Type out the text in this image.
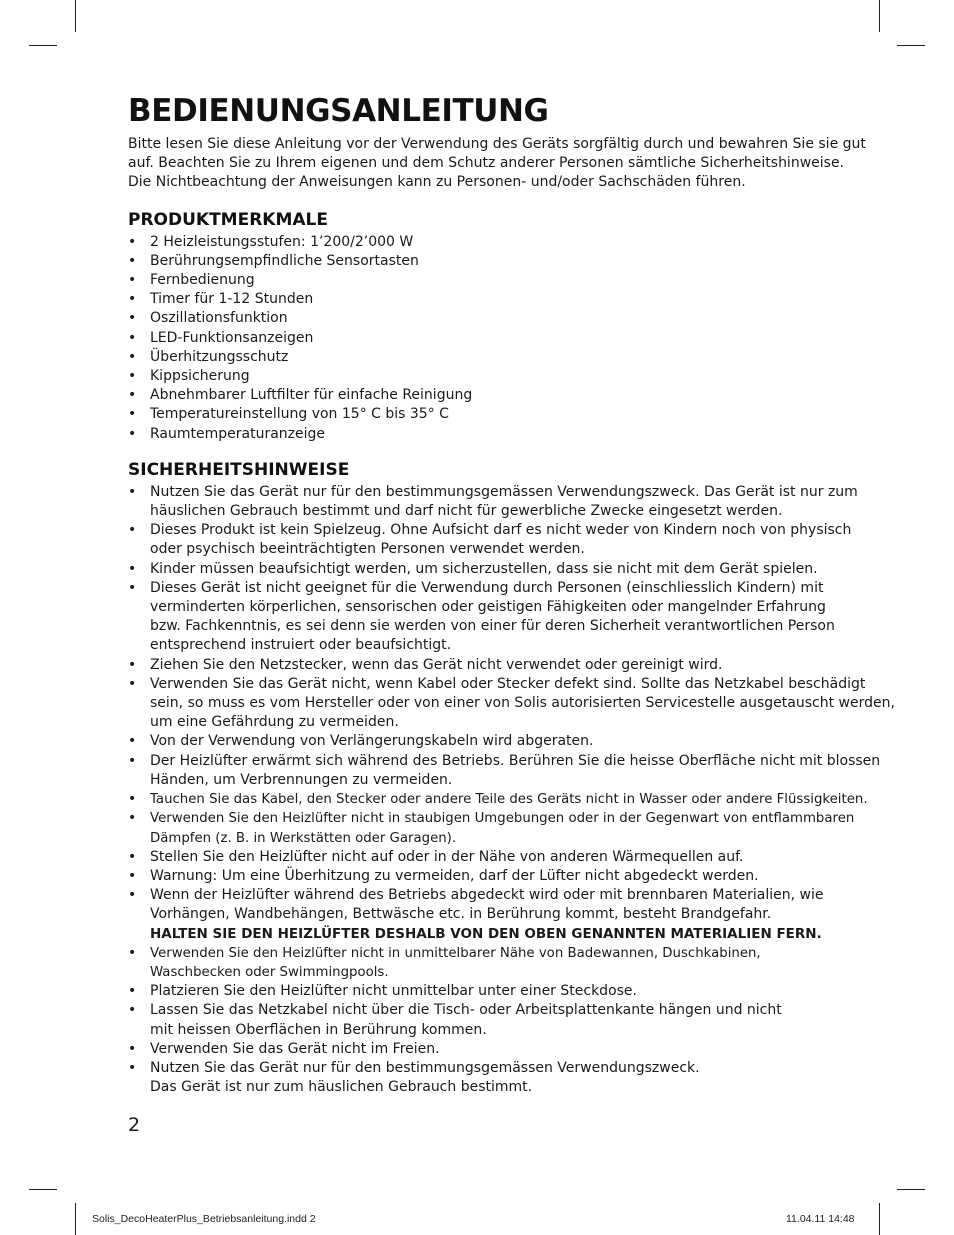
BEDIENUNGSANLEITUNG

Bitte lesen Sie diese Anleitung vor der Verwendung des Geräts sorgfältig durch und bewahren Sie sie gut
auf. Beachten Sie zu Ihrem eigenen und dem Schutz anderer Personen sämtliche Sicherheitshinweise.
Die Nichtbeachtung der Anweisungen kann zu Personen- und/oder Sachschäden führen.

PRODUKTMERKMALE
• 2 Heizleistungsstufen: 1’200/2’000 W
• Berührungsempfindliche Sensortasten
• Fernbedienung
• Timer für 1-12 Stunden
• Oszillationsfunktion
• LED-Funktionsanzeigen
• Überhitzungsschutz
• Kippsicherung
• Abnehmbarer Luftfilter für einfache Reinigung
• Temperatureinstellung von 15° C bis 35° C
• Raumtemperaturanzeige
SICHERHEITSHINWEISE
• Nutzen Sie das Gerät nur für den bestimmungsgemässen Verwendungszweck. Das Gerät ist nur zum
häuslichen Gebrauch bestimmt und darf nicht für gewerbliche Zwecke eingesetzt werden.
• Dieses Produkt ist kein Spielzeug. Ohne Aufsicht darf es nicht weder von Kindern noch von physisch
oder psychisch beeinträchtigten Personen verwendet werden.
• Kinder müssen beaufsichtigt werden, um sicherzustellen, dass sie nicht mit dem Gerät spielen.
• Dieses Gerät ist nicht geeignet für die Verwendung durch Personen (einschliesslich Kindern) mit
verminderten körperlichen, sensorischen oder geistigen Fähigkeiten oder mangelnder Erfahrung
bzw. Fachkenntnis, es sei denn sie werden von einer für deren Sicherheit verantwortlichen Person
entsprechend instruiert oder beaufsichtigt.
• Ziehen Sie den Netzstecker, wenn das Gerät nicht verwendet oder gereinigt wird.
• Verwenden Sie das Gerät nicht, wenn Kabel oder Stecker defekt sind. Sollte das Netzkabel beschädigt
sein, so muss es vom Hersteller oder von einer von Solis autorisierten Servicestelle ausgetauscht werden,
um eine Gefährdung zu vermeiden.
• Von der Verwendung von Verlängerungskabeln wird abgeraten.
• Der Heizlüfter erwärmt sich während des Betriebs. Berühren Sie die heisse Oberfläche nicht mit blossen
Händen, um Verbrennungen zu vermeiden.
• Tauchen Sie das Kabel, den Stecker oder andere Teile des Geräts nicht in Wasser oder andere Flüssigkeiten.
• Verwenden Sie den Heizlüfter nicht in staubigen Umgebungen oder in der Gegenwart von entflammbaren
Dämpfen (z. B. in Werkstätten oder Garagen).
• Stellen Sie den Heizlüfter nicht auf oder in der Nähe von anderen Wärmequellen auf.
• Warnung: Um eine Überhitzung zu vermeiden, darf der Lüfter nicht abgedeckt werden.
• Wenn der Heizlüfter während des Betriebs abgedeckt wird oder mit brennbaren Materialien, wie
Vorhängen, Wandbehängen, Bettwäsche etc. in Berührung kommt, besteht Brandgefahr.
HALTEN SIE DEN HEIZLÜFTER DESHALB VON DEN OBEN GENANNTEN MATERIALIEN FERN.
• Verwenden Sie den Heizlüfter nicht in unmittelbarer Nähe von Badewannen, Duschkabinen,
Waschbecken oder Swimmingpools.
• Platzieren Sie den Heizlüfter nicht unmittelbar unter einer Steckdose.
• Lassen Sie das Netzkabel nicht über die Tisch- oder Arbeitsplattenkante hängen und nicht
mit heissen Oberflächen in Berührung kommen.
• Verwenden Sie das Gerät nicht im Freien.
• Nutzen Sie das Gerät nur für den bestimmungsgemässen Verwendungszweck.
Das Gerät ist nur zum häuslichen Gebrauch bestimmt.
2
Solis_DecoHeaterPlus_Betriebsanleitung.indd 2	11.04.11 14:48
